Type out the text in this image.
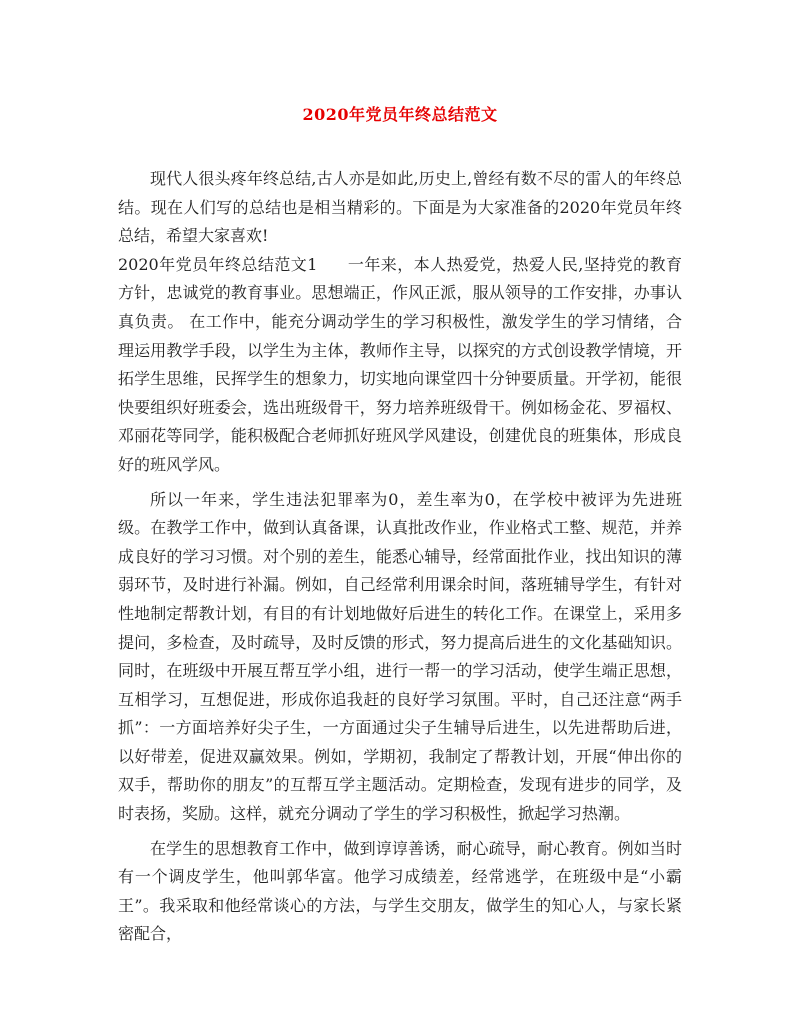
2020年党员年终总结范文

现代人很头疼年终总结,古人亦是如此,历史上,曾经有数不尽的雷人的年终总结。现在人们写的总结也是相当精彩的。下面是为大家准备的2020年党员年终总结，希望大家喜欢!

2020年党员年终总结范文1 一年来，本人热爱党，热爱人民,坚持党的教育方针，忠诚党的教育事业。思想端正，作风正派，服从领导的工作安排，办事认真负责。 在工作中，能充分调动学生的学习积极性，激发学生的学习情绪，合理运用教学手段，以学生为主体，教师作主导，以探究的方式创设教学情境，开拓学生思维，民挥学生的想象力，切实地向课堂四十分钟要质量。开学初，能很快要组织好班委会，选出班级骨干，努力培养班级骨干。例如杨金花、罗福权、邓丽花等同学，能积极配合老师抓好班风学风建设，创建优良的班集体，形成良好的班风学风。

所以一年来，学生违法犯罪率为0，差生率为0，在学校中被评为先进班级。在教学工作中，做到认真备课，认真批改作业，作业格式工整、规范，并养成良好的学习习惯。对个别的差生，能悉心辅导，经常面批作业，找出知识的薄弱环节，及时进行补漏。例如，自己经常利用课余时间，落班辅导学生，有针对性地制定帮教计划，有目的有计划地做好后进生的转化工作。在课堂上，采用多提问，多检查，及时疏导，及时反馈的形式，努力提高后进生的文化基础知识。同时，在班级中开展互帮互学小组，进行一帮一的学习活动，使学生端正思想，互相学习，互想促进，形成你追我赶的良好学习氛围。平时，自己还注意“两手抓”：一方面培养好尖子生，一方面通过尖子生辅导后进生，以先进帮助后进，以好带差，促进双赢效果。例如，学期初，我制定了帮教计划，开展“伸出你的双手，帮助你的朋友”的互帮互学主题活动。定期检查，发现有进步的同学，及时表扬，奖励。这样，就充分调动了学生的学习积极性，掀起学习热潮。

在学生的思想教育工作中，做到谆谆善诱，耐心疏导，耐心教育。例如当时有一个调皮学生，他叫郭华富。他学习成绩差，经常逃学，在班级中是“小霸王”。我采取和他经常谈心的方法，与学生交朋友，做学生的知心人，与家长紧密配合，
